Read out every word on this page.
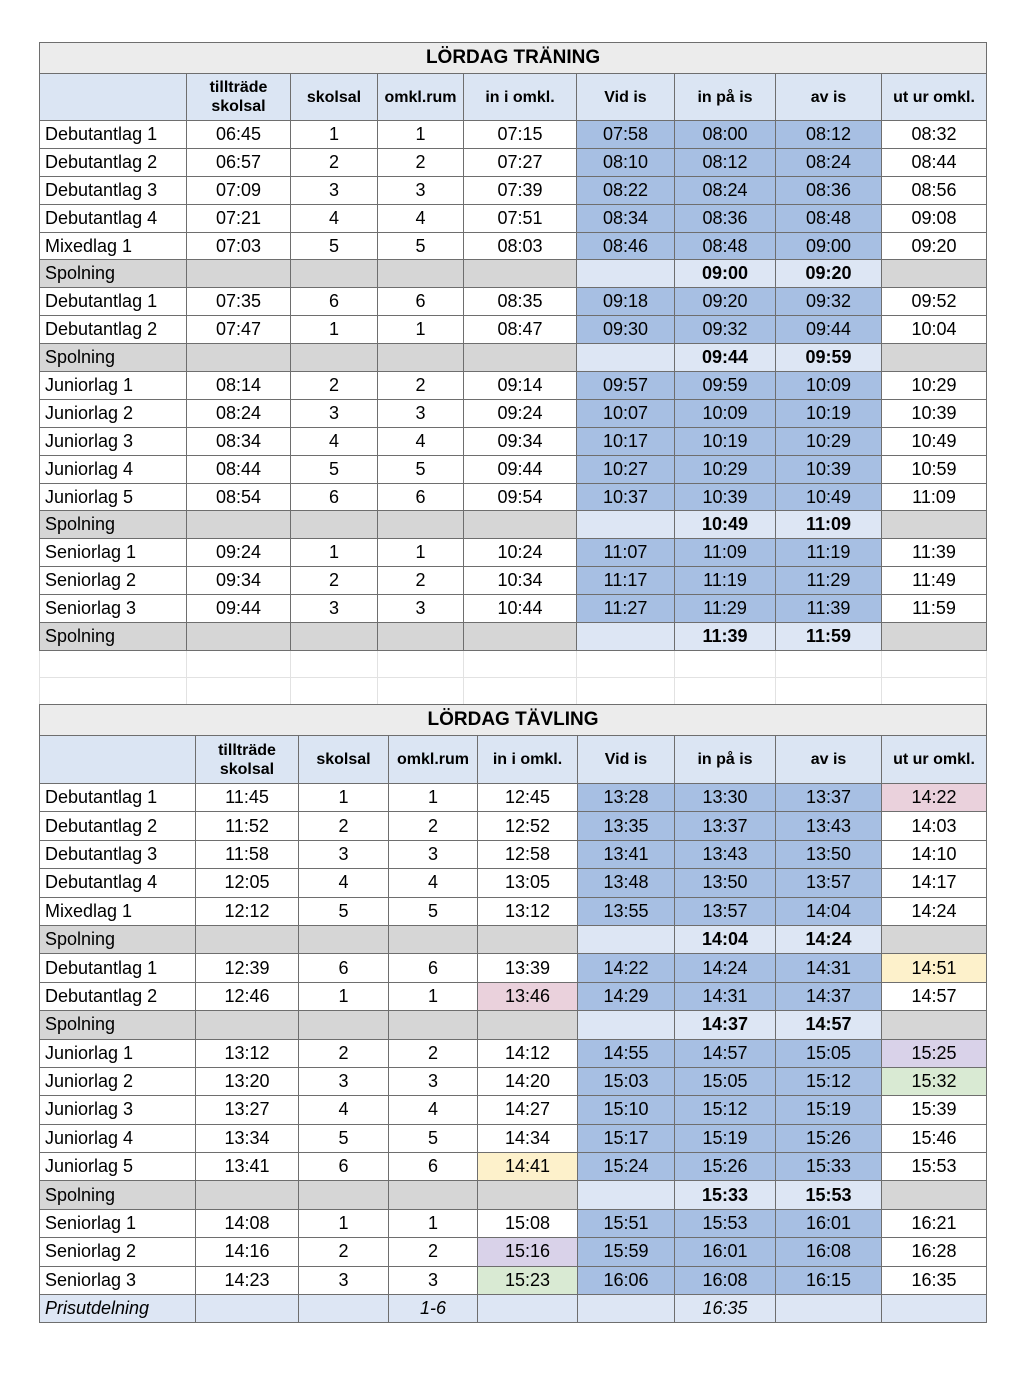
LÖRDAG TRÄNING								
	tillträde skolsal	skolsal	omkl.rum	in i omkl.	Vid is	in på is	av is	ut ur omkl.
Debutantlag 1	06:45	1	1	07:15	07:58	08:00	08:12	08:32
Debutantlag 2	06:57	2	2	07:27	08:10	08:12	08:24	08:44
Debutantlag 3	07:09	3	3	07:39	08:22	08:24	08:36	08:56
Debutantlag 4	07:21	4	4	07:51	08:34	08:36	08:48	09:08
Mixedlag 1	07:03	5	5	08:03	08:46	08:48	09:00	09:20
Spolning						09:00	09:20	
Debutantlag 1	07:35	6	6	08:35	09:18	09:20	09:32	09:52
Debutantlag 2	07:47	1	1	08:47	09:30	09:32	09:44	10:04
Spolning						09:44	09:59	
Juniorlag 1	08:14	2	2	09:14	09:57	09:59	10:09	10:29
Juniorlag 2	08:24	3	3	09:24	10:07	10:09	10:19	10:39
Juniorlag 3	08:34	4	4	09:34	10:17	10:19	10:29	10:49
Juniorlag 4	08:44	5	5	09:44	10:27	10:29	10:39	10:59
Juniorlag 5	08:54	6	6	09:54	10:37	10:39	10:49	11:09
Spolning						10:49	11:09	
Seniorlag 1	09:24	1	1	10:24	11:07	11:09	11:19	11:39
Seniorlag 2	09:34	2	2	10:34	11:17	11:19	11:29	11:49
Seniorlag 3	09:44	3	3	10:44	11:27	11:29	11:39	11:59
Spolning						11:39	11:59	

LÖRDAG TÄVLING								
	tillträde skolsal	skolsal	omkl.rum	in i omkl.	Vid is	in på is	av is	ut ur omkl.
Debutantlag 1	11:45	1	1	12:45	13:28	13:30	13:37	14:22
Debutantlag 2	11:52	2	2	12:52	13:35	13:37	13:43	14:03
Debutantlag 3	11:58	3	3	12:58	13:41	13:43	13:50	14:10
Debutantlag 4	12:05	4	4	13:05	13:48	13:50	13:57	14:17
Mixedlag 1	12:12	5	5	13:12	13:55	13:57	14:04	14:24
Spolning						14:04	14:24	
Debutantlag 1	12:39	6	6	13:39	14:22	14:24	14:31	14:51
Debutantlag 2	12:46	1	1	13:46	14:29	14:31	14:37	14:57
Spolning						14:37	14:57	
Juniorlag 1	13:12	2	2	14:12	14:55	14:57	15:05	15:25
Juniorlag 2	13:20	3	3	14:20	15:03	15:05	15:12	15:32
Juniorlag 3	13:27	4	4	14:27	15:10	15:12	15:19	15:39
Juniorlag 4	13:34	5	5	14:34	15:17	15:19	15:26	15:46
Juniorlag 5	13:41	6	6	14:41	15:24	15:26	15:33	15:53
Spolning						15:33	15:53	
Seniorlag 1	14:08	1	1	15:08	15:51	15:53	16:01	16:21
Seniorlag 2	14:16	2	2	15:16	15:59	16:01	16:08	16:28
Seniorlag 3	14:23	3	3	15:23	16:06	16:08	16:15	16:35
Prisutdelning			1-6			16:35		
